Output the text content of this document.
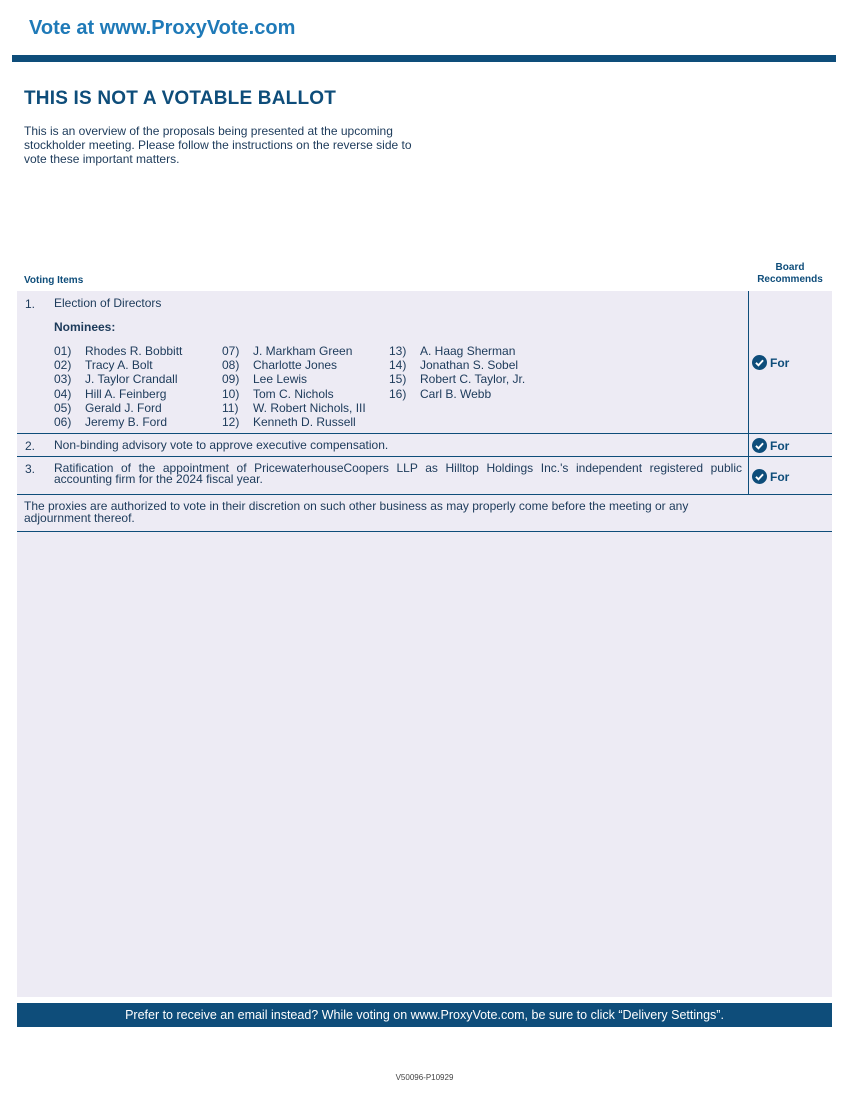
Vote at www.ProxyVote.com
THIS IS NOT A VOTABLE BALLOT
This is an overview of the proposals being presented at the upcoming stockholder meeting. Please follow the instructions on the reverse side to vote these important matters.
Voting Items
Board
Recommends
1. Election of Directors
Nominees:
01) Rhodes R. Bobbitt
02) Tracy A. Bolt
03) J. Taylor Crandall
04) Hill A. Feinberg
05) Gerald J. Ford
06) Jeremy B. Ford
07) J. Markham Green
08) Charlotte Jones
09) Lee Lewis
10) Tom C. Nichols
11) W. Robert Nichols, III
12) Kenneth D. Russell
13) A. Haag Sherman
14) Jonathan S. Sobel
15) Robert C. Taylor, Jr.
16) Carl B. Webb
For
2. Non-binding advisory vote to approve executive compensation.	For
3. Ratification of the appointment of PricewaterhouseCoopers LLP as Hilltop Holdings Inc.'s independent registered public accounting firm for the 2024 fiscal year.	For
The proxies are authorized to vote in their discretion on such other business as may properly come before the meeting or any adjournment thereof.
Prefer to receive an email instead? While voting on www.ProxyVote.com, be sure to click “Delivery Settings”.
V50096-P10929
